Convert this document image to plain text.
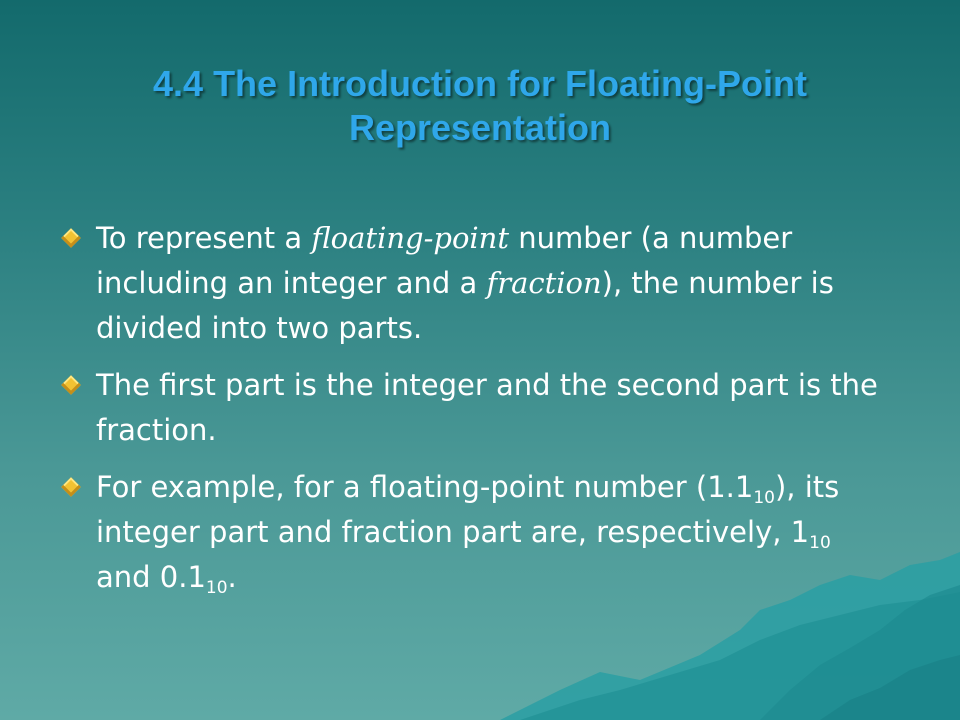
4.4 The Introduction for Floating-Point
Representation
To represent a floating-point number (a number including an integer and a fraction), the number is divided into two parts.
The first part is the integer and the second part is the fraction.
For example, for a floating-point number $(1.1_{10})$, its integer part and fraction part are, respectively, $1_{10}$ and $0.1_{10}$.
